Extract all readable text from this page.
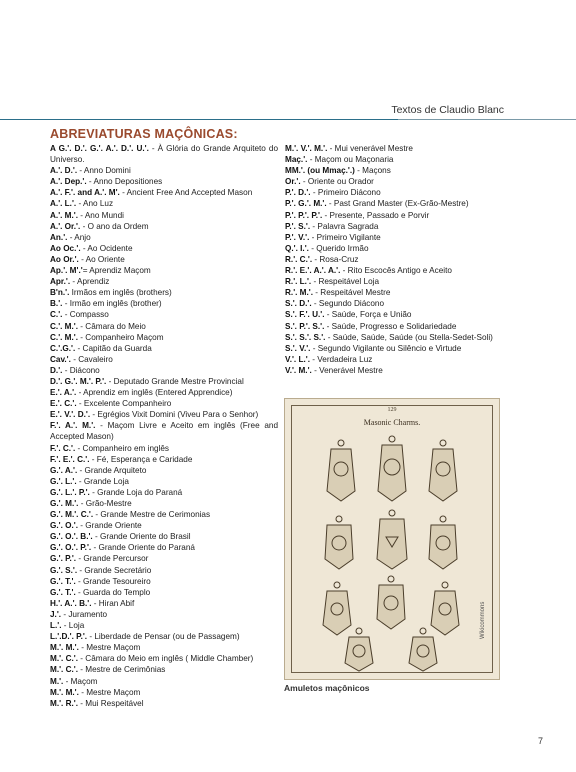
Textos de Claudio Blanc
ABREVIATURAS MAÇÔNICAS:

A G.'. D.'. G.'. A.'. D.'. U.'. - À Glória do Grande Arquiteto do Universo.

A.'. D.'. - Anno Domini

A.'. Dep.'. - Anno Depositiones

A.'. F.'. and A.'. M'. - Ancient Free And Accepted Mason

A.'. L.'. - Ano Luz

A.'. M.'. - Ano Mundi

A.'. Or.'. - O ano da Ordem

An.'. - Anjo

Ao Oc.'. - Ao Ocidente

Ao Or.'. - Ao Oriente

Ap.'. M'.'= Aprendiz Maçom

Apr.'. - Aprendiz

B'n.'. Irmãos em inglês (brothers)

B.'. - Irmão em inglês (brother)

C.'. - Compasso

C.'. M.'. - Câmara do Meio

C.'. M.'. - Companheiro Maçom

C.'.G.'. - Capitão da Guarda

Cav.'. - Cavaleiro

D.'. - Diácono

D.'. G.'. M.'. P.'. - Deputado Grande Mestre Provincial

E.'. A.'. - Aprendiz em inglês (Entered Apprendice)

E.'. C.'. - Excelente Companheiro

E.'. V.'. D.'. - Egrégios Vixit Domini (Viveu Para o Senhor)

F.'. A.'. M.'. - Maçom Livre e Aceito em inglês (Free and Accepted Mason)

F.'. C.'. - Companheiro em inglês

F.'. E.'. C.'. - Fé, Esperança e Caridade

G.'. A.'. - Grande Arquiteto

G.'. L.'. - Grande Loja

G.'. L.'. P.'. - Grande Loja do Paraná

G.'. M.'. - Grão-Mestre

G.'. M.'. C.'. - Grande Mestre de Cerimonias

G.'. O.'. - Grande Oriente

G.'. O.'. B.'. - Grande Oriente do Brasil

G.'. O.'. P.'. - Grande Oriente do Paraná

G.'. P.'. - Grande Percursor

G.'. S.'. - Grande Secretário

G.'. T.'. - Grande Tesoureiro

G.'. T.'. - Guarda do Templo

H.'. A.'. B.'. - Hiran Abif

J.'. - Juramento

L.'. - Loja

L.'.D.'. P.'. - Liberdade de Pensar (ou de Passagem)

M.'. M.'. - Mestre Maçom

M.'. C.'. - Câmara do Meio em inglês ( Middle Chamber)

M.'. C.'. - Mestre de Cerimônias

M.'. - Maçom

M.'. M.'. - Mestre Maçom

M.'. R.'. - Mui Respeitável

M.'. V.'. M.'. - Mui venerável Mestre

Maç.'. - Maçom ou Maçonaria

MM.'. (ou Mmaç.'.) - Maçons

Or.'. - Oriente ou Orador

P.'. D.'. - Primeiro Diácono

P.'. G.'. M.'. - Past Grand Master (Ex-Grão-Mestre)

P.'. P.'. P.'. - Presente, Passado e Porvir

P.'. S.'. - Palavra Sagrada

P.'. V.'. - Primeiro Vigilante

Q.'. I.'. - Querido Irmão

R.'. C.'. - Rosa-Cruz

R.'. E.'. A.'. A.'. - Rito Escocês Antigo e Aceito

R.'. L.'. - Respeitável Loja

R.'. M.'. - Respeitável Mestre

S.'. D.'. - Segundo Diácono

S.'. F.'. U.'. - Saúde, Força e União

S.'. P.'. S.'. - Saúde, Progresso e Solidariedade

S.'. S.'. S.'. - Saúde, Saúde, Saúde (ou Stella-Sedet-Soli)

S.'. V.'. - Segundo Vigilante ou Silêncio e Virtude

V.'. L.'. - Verdadeira Luz

V.'. M.'. - Venerável Mestre

129
Masonic Charms.
Wikicommons
Amuletos maçônicos
7
